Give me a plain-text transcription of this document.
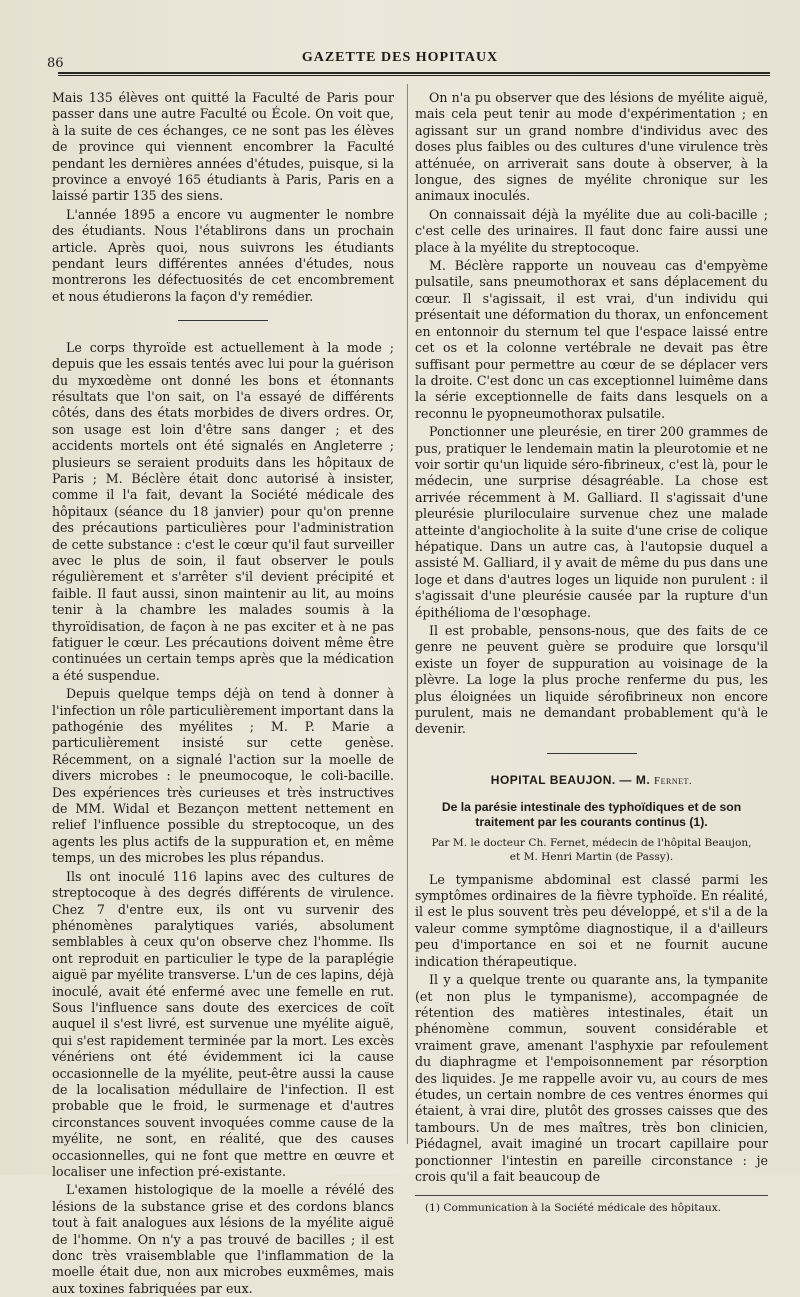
86	GAZETTE DES HOPITAUX

Mais 135 élèves ont quitté la Faculté de Paris pour passer dans une autre Faculté ou École. On voit que, à la suite de ces échanges, ce ne sont pas les élèves de province qui viennent encombrer la Faculté pendant les dernières années d'études, puisque, si la province a envoyé 165 étudiants à Paris, Paris en a laissé partir 135 des siens.

L'année 1895 a encore vu augmenter le nombre des étudiants. Nous l'établirons dans un prochain article. Après quoi, nous suivrons les étudiants pendant leurs différentes années d'études, nous montrerons les défectuosités de cet encombrement et nous étudierons la façon d'y remédier.

Le corps thyroïde est actuellement à la mode ; depuis que les essais tentés avec lui pour la guérison du myxœdème ont donné les bons et étonnants résultats que l'on sait, on l'a essayé de différents côtés, dans des états morbides de divers ordres. Or, son usage est loin d'être sans danger ; et des accidents mortels ont été signalés en Angleterre ; plusieurs se seraient produits dans les hôpitaux de Paris ; M. Béclère était donc autorisé à insister, comme il l'a fait, devant la Société médicale des hôpitaux (séance du 18 janvier) pour qu'on prenne des précautions particulières pour l'administration de cette substance : c'est le cœur qu'il faut surveiller avec le plus de soin, il faut observer le pouls régulièrement et s'arrêter s'il devient précipité et faible. Il faut aussi, sinon maintenir au lit, au moins tenir à la chambre les malades soumis à la thyroïdisation, de façon à ne pas exciter et à ne pas fatiguer le cœur. Les précautions doivent même être continuées un certain temps après que la médication a été suspendue.

Depuis quelque temps déjà on tend à donner à l'infection un rôle particulièrement important dans la pathogénie des myélites ; M. P. Marie a particulièrement insisté sur cette genèse. Récemment, on a signalé l'action sur la moelle de divers microbes : le pneumocoque, le coli-bacille. Des expériences très curieuses et très instructives de MM. Widal et Bezançon mettent nettement en relief l'influence possible du streptocoque, un des agents les plus actifs de la suppuration et, en même temps, un des microbes les plus répandus.

Ils ont inoculé 116 lapins avec des cultures de streptocoque à des degrés différents de virulence. Chez 7 d'entre eux, ils ont vu survenir des phénomènes paralytiques variés, absolument semblables à ceux qu'on observe chez l'homme. Ils ont reproduit en particulier le type de la paraplégie aiguë par myélite transverse. L'un de ces lapins, déjà inoculé, avait été enfermé avec une femelle en rut. Sous l'influence sans doute des exercices de coït auquel il s'est livré, est survenue une myélite aiguë, qui s'est rapidement terminée par la mort. Les excès vénériens ont été évidemment ici la cause occasionnelle de la myélite, peut-être aussi la cause de la localisation médullaire de l'infection. Il est probable que le froid, le surmenage et d'autres circonstances souvent invoquées comme cause de la myélite, ne sont, en réalité, que des causes occasionnelles, qui ne font que mettre en œuvre et localiser une infection pré-existante.

L'examen histologique de la moelle a révélé des lésions de la substance grise et des cordons blancs tout à fait analogues aux lésions de la myélite aiguë de l'homme. On n'y a pas trouvé de bacilles ; il est donc très vraisemblable que l'inflammation de la moelle était due, non aux microbes euxmêmes, mais aux toxines fabriquées par eux.

On n'a pu observer que des lésions de myélite aiguë, mais cela peut tenir au mode d'expérimentation ; en agissant sur un grand nombre d'individus avec des doses plus faibles ou des cultures d'une virulence très atténuée, on arriverait sans doute à observer, à la longue, des signes de myélite chronique sur les animaux inoculés.

On connaissait déjà la myélite due au coli-bacille ; c'est celle des urinaires. Il faut donc faire aussi une place à la myélite du streptocoque.

M. Béclère rapporte un nouveau cas d'empyème pulsatile, sans pneumothorax et sans déplacement du cœur. Il s'agissait, il est vrai, d'un individu qui présentait une déformation du thorax, un enfoncement en entonnoir du sternum tel que l'espace laissé entre cet os et la colonne vertébrale ne devait pas être suffisant pour permettre au cœur de se déplacer vers la droite. C'est donc un cas exceptionnel luimême dans la série exceptionnelle de faits dans lesquels on a reconnu le pyopneumothorax pulsatile.

Ponctionner une pleurésie, en tirer 200 grammes de pus, pratiquer le lendemain matin la pleurotomie et ne voir sortir qu'un liquide séro-fibrineux, c'est là, pour le médecin, une surprise désagréable. La chose est arrivée récemment à M. Galliard. Il s'agissait d'une pleurésie pluriloculaire survenue chez une malade atteinte d'angiocholite à la suite d'une crise de colique hépatique. Dans un autre cas, à l'autopsie duquel a assisté M. Galliard, il y avait de même du pus dans une loge et dans d'autres loges un liquide non purulent : il s'agissait d'une pleurésie causée par la rupture d'un épithélioma de l'œsophage.

Il est probable, pensons-nous, que des faits de ce genre ne peuvent guère se produire que lorsqu'il existe un foyer de suppuration au voisinage de la plèvre. La loge la plus proche renferme du pus, les plus éloignées un liquide sérofibrineux non encore purulent, mais ne demandant probablement qu'à le devenir.

HOPITAL BEAUJON. — M. Fernet.
De la parésie intestinale des typhoïdiques et de son traitement par les courants continus (1).
Par M. le docteur Ch. Fernet, médecin de l'hôpital Beaujon,
et M. Henri Martin (de Passy).

Le tympanisme abdominal est classé parmi les symptômes ordinaires de la fièvre typhoïde. En réalité, il est le plus souvent très peu développé, et s'il a de la valeur comme symptôme diagnostique, il a d'ailleurs peu d'importance en soi et ne fournit aucune indication thérapeutique.

Il y a quelque trente ou quarante ans, la tympanite (et non plus le tympanisme), accompagnée de rétention des matières intestinales, était un phénomène commun, souvent considérable et vraiment grave, amenant l'asphyxie par refoulement du diaphragme et l'empoisonnement par résorption des liquides. Je me rappelle avoir vu, au cours de mes études, un certain nombre de ces ventres énormes qui étaient, à vrai dire, plutôt des grosses caisses que des tambours. Un de mes maîtres, très bon clinicien, Piédagnel, avait imaginé un trocart capillaire pour ponctionner l'intestin en pareille circonstance : je crois qu'il a fait beaucoup de

(1) Communication à la Société médicale des hôpitaux.
